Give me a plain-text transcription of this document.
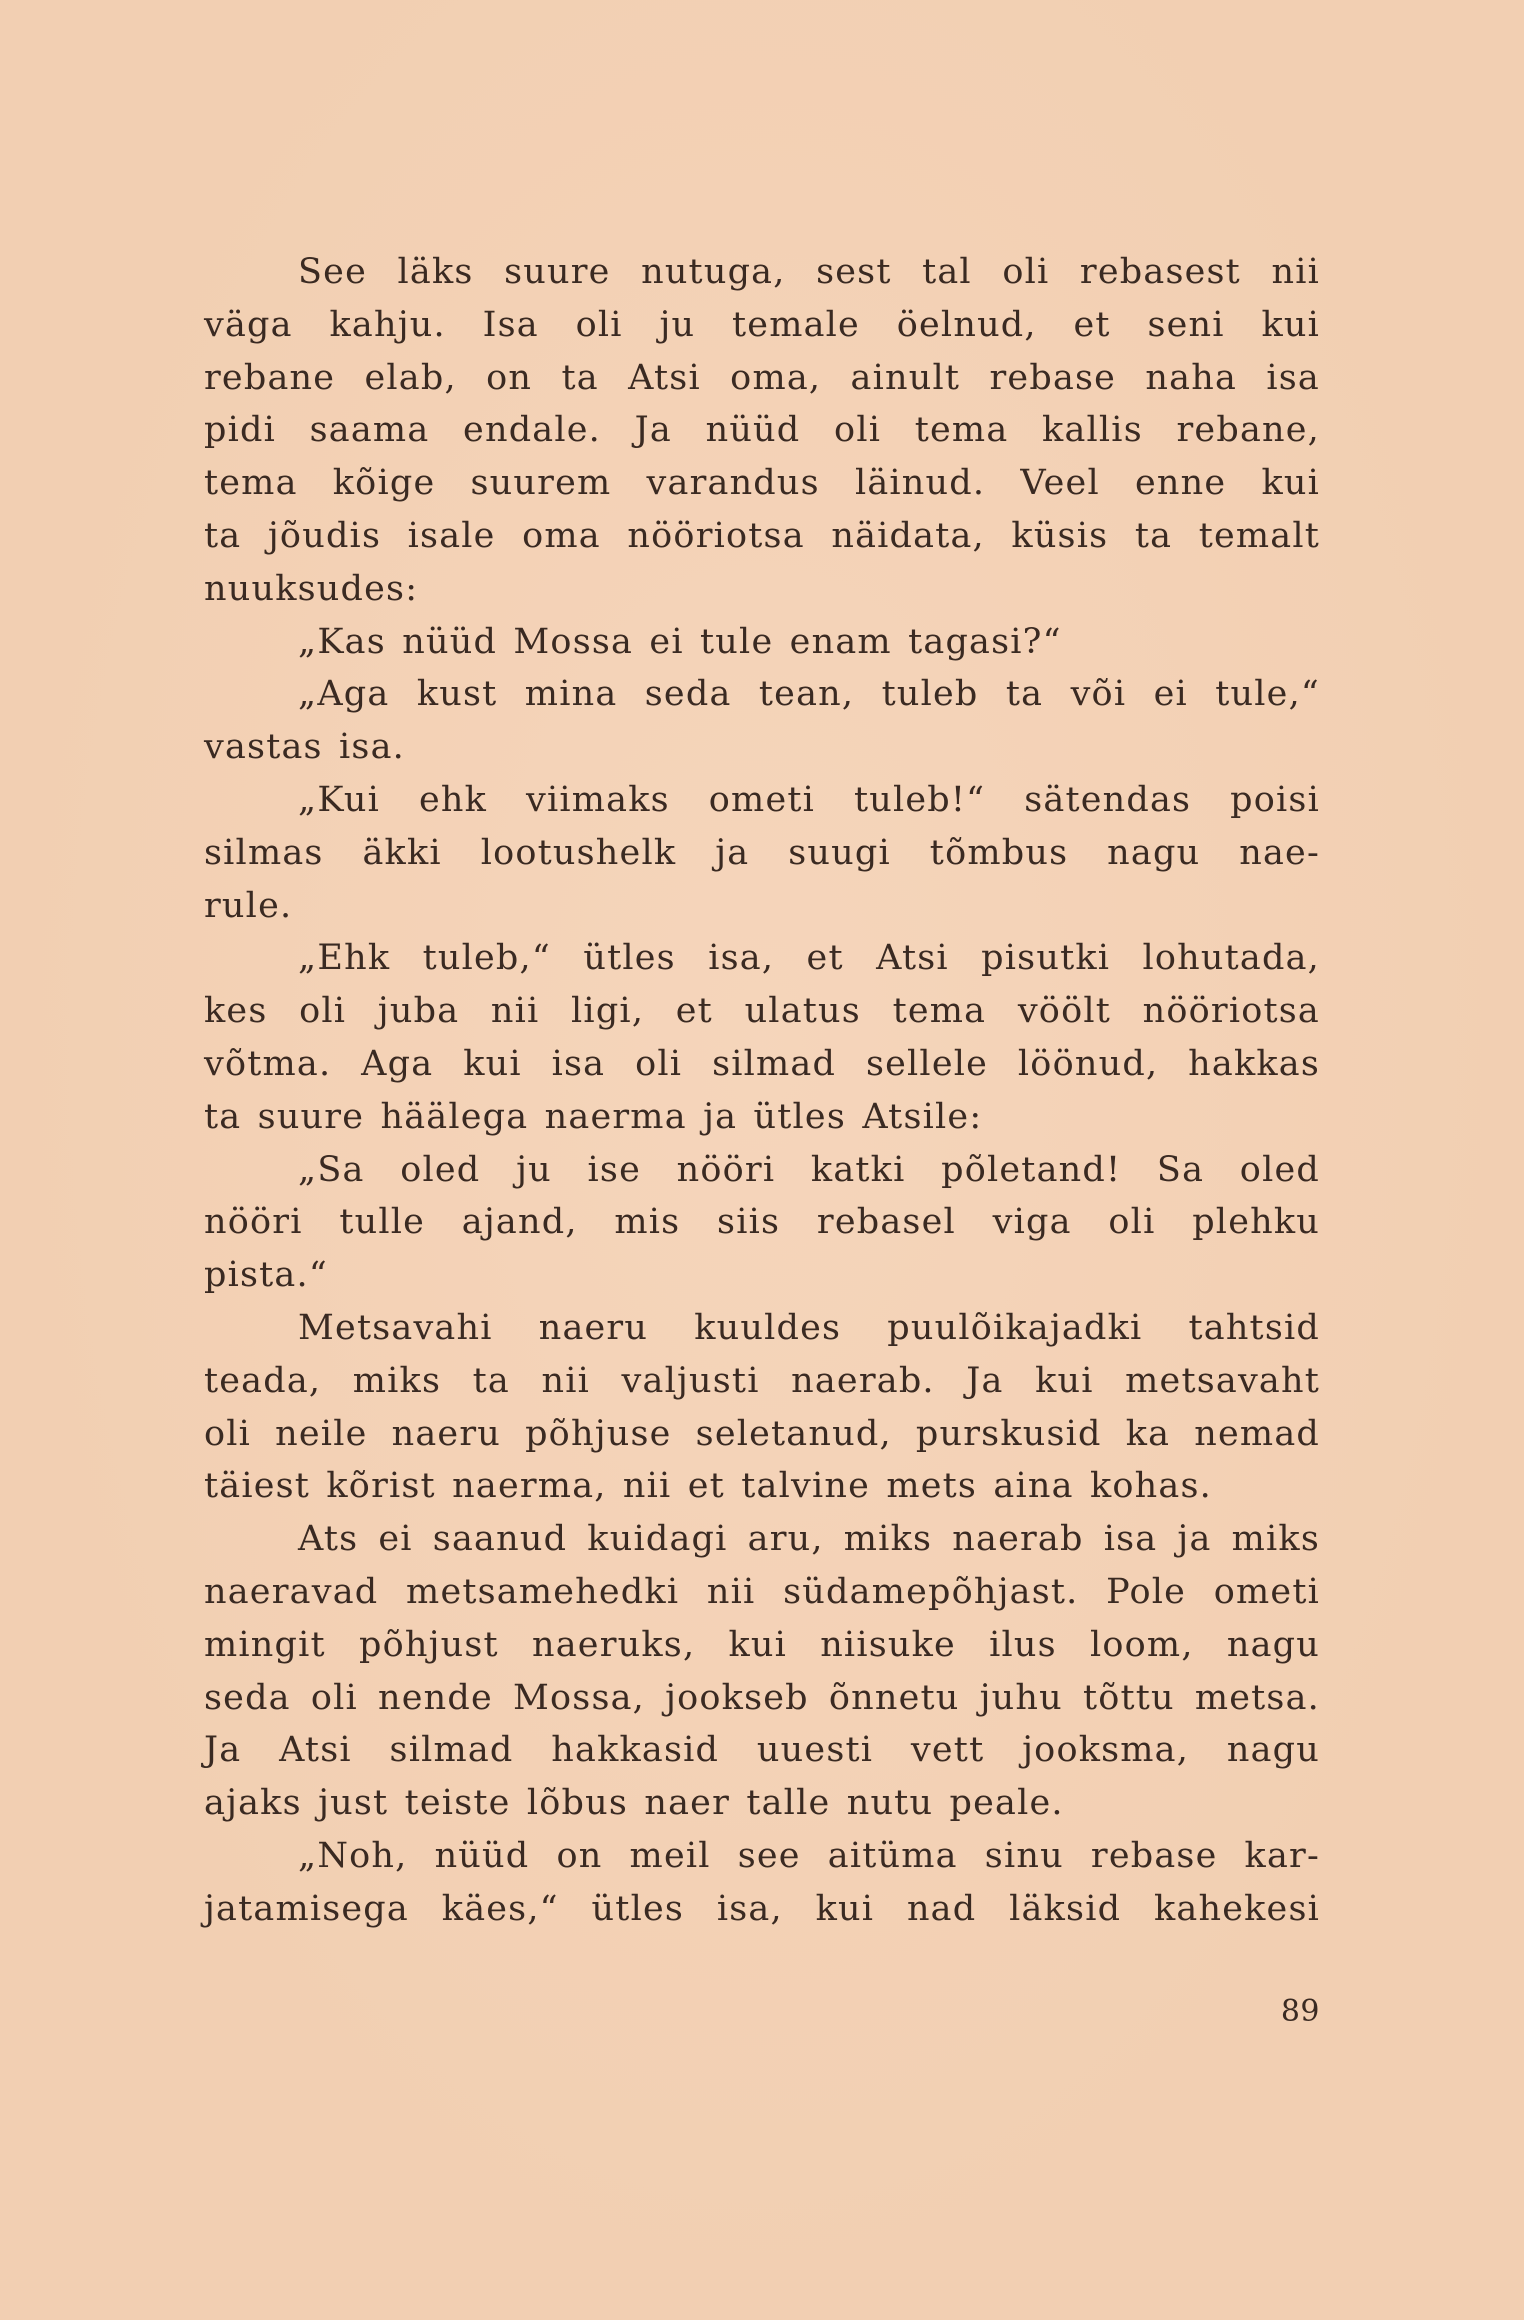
See läks suure nutuga, sest tal oli rebasest nii
väga kahju. Isa oli ju temale öelnud, et seni kui
rebane elab, on ta Atsi oma, ainult rebase naha isa
pidi saama endale. Ja nüüd oli tema kallis rebane,
tema kõige suurem varandus läinud. Veel enne kui
ta jõudis isale oma nööriotsa näidata, küsis ta temalt
nuuksudes:
„Kas nüüd Mossa ei tule enam tagasi?“
„Aga kust mina seda tean, tuleb ta või ei tule,“
vastas isa.
„Kui ehk viimaks ometi tuleb!“ sätendas poisi
silmas äkki lootushelk ja suugi tõmbus nagu nae-
rule.
„Ehk tuleb,“ ütles isa, et Atsi pisutki lohutada,
kes oli juba nii ligi, et ulatus tema vöölt nööriotsa
võtma. Aga kui isa oli silmad sellele löönud, hakkas
ta suure häälega naerma ja ütles Atsile:
„Sa oled ju ise nööri katki põletand! Sa oled
nööri tulle ajand, mis siis rebasel viga oli plehku
pista.“
Metsavahi naeru kuuldes puulõikajadki tahtsid
teada, miks ta nii valjusti naerab. Ja kui metsavaht
oli neile naeru põhjuse seletanud, purskusid ka nemad
täiest kõrist naerma, nii et talvine mets aina kohas.
Ats ei saanud kuidagi aru, miks naerab isa ja miks
naeravad metsamehedki nii südamepõhjast. Pole ometi
mingit põhjust naeruks, kui niisuke ilus loom, nagu
seda oli nende Mossa, jookseb õnnetu juhu tõttu metsa.
Ja Atsi silmad hakkasid uuesti vett jooksma, nagu
ajaks just teiste lõbus naer talle nutu peale.
„Noh, nüüd on meil see aitüma sinu rebase kar-
jatamisega käes,“ ütles isa, kui nad läksid kahekesi
89
